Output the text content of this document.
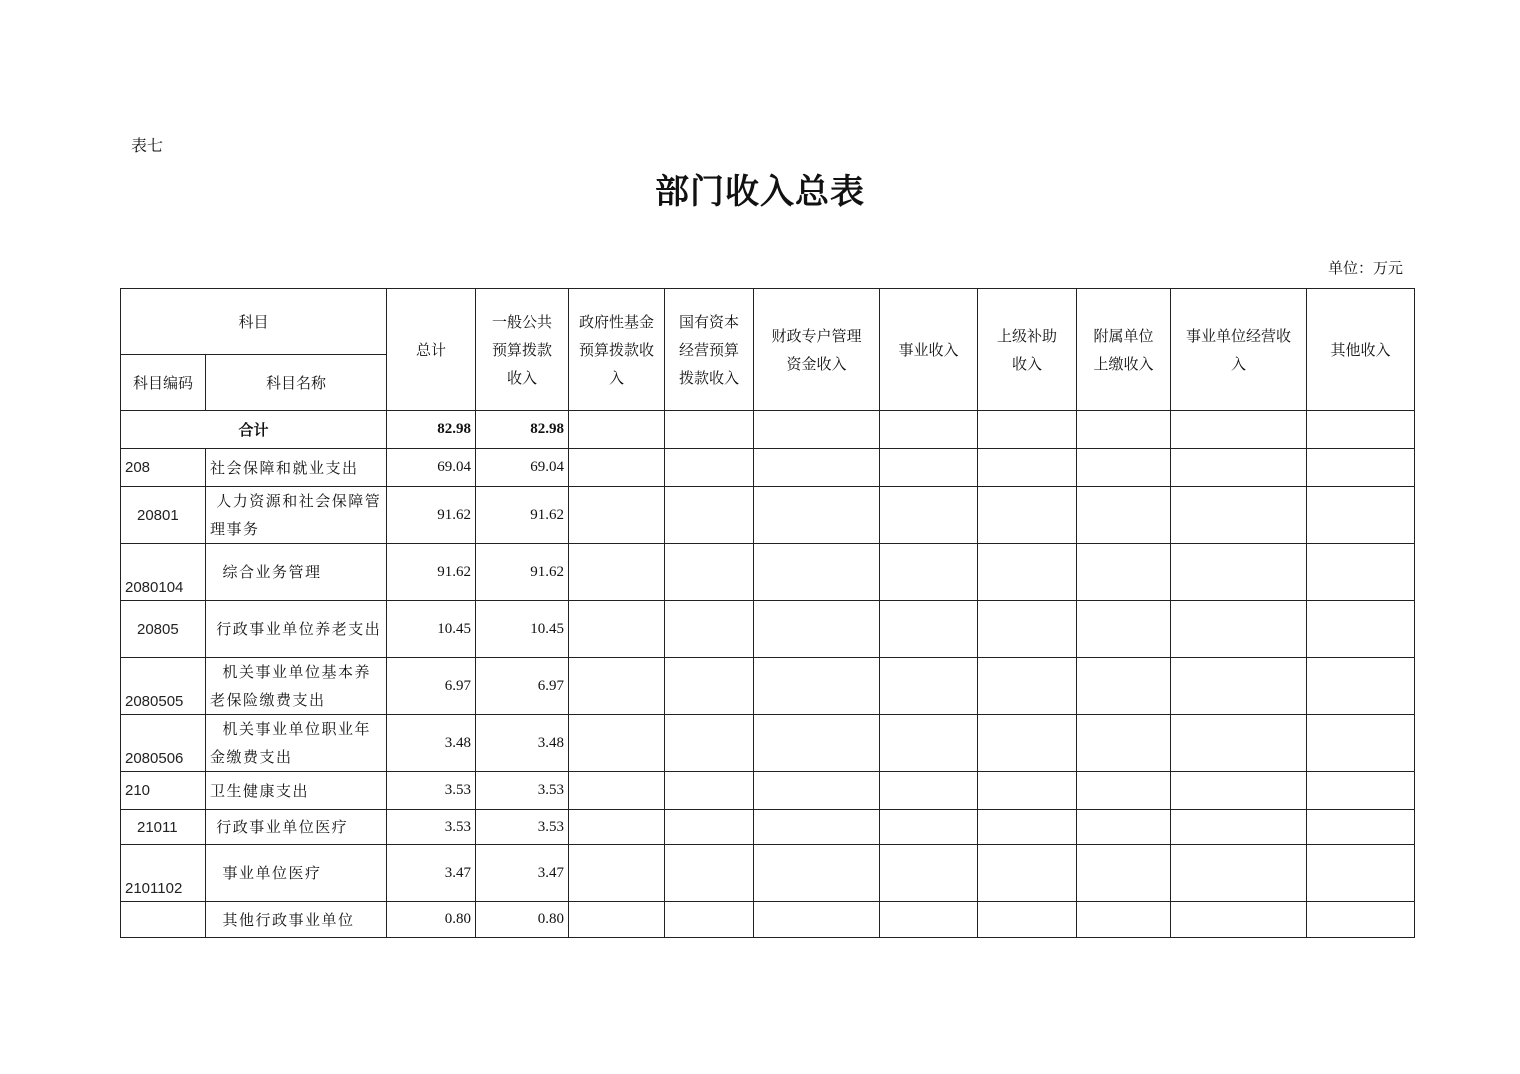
表七
部门收入总表
单位：万元
科目		总计	一般公共预算拨款收入	政府性基金预算拨款收入	国有资本经营预算拨款收入	财政专户管理资金收入	事业收入	上级补助收入	附属单位上缴收入	事业单位经营收入	其他收入
科目编码	科目名称										
合计		82.98	82.98								
208	社会保障和就业支出	69.04	69.04								
20801	人力资源和社会保障管理事务	91.62	91.62								
2080104	综合业务管理	91.62	91.62								
20805	行政事业单位养老支出	10.45	10.45								
2080505	机关事业单位基本养老保险缴费支出	6.97	6.97								
2080506	机关事业单位职业年金缴费支出	3.48	3.48								
210	卫生健康支出	3.53	3.53								
21011	行政事业单位医疗	3.53	3.53								
2101102	事业单位医疗	3.47	3.47								
	其他行政事业单位	0.80	0.80								
